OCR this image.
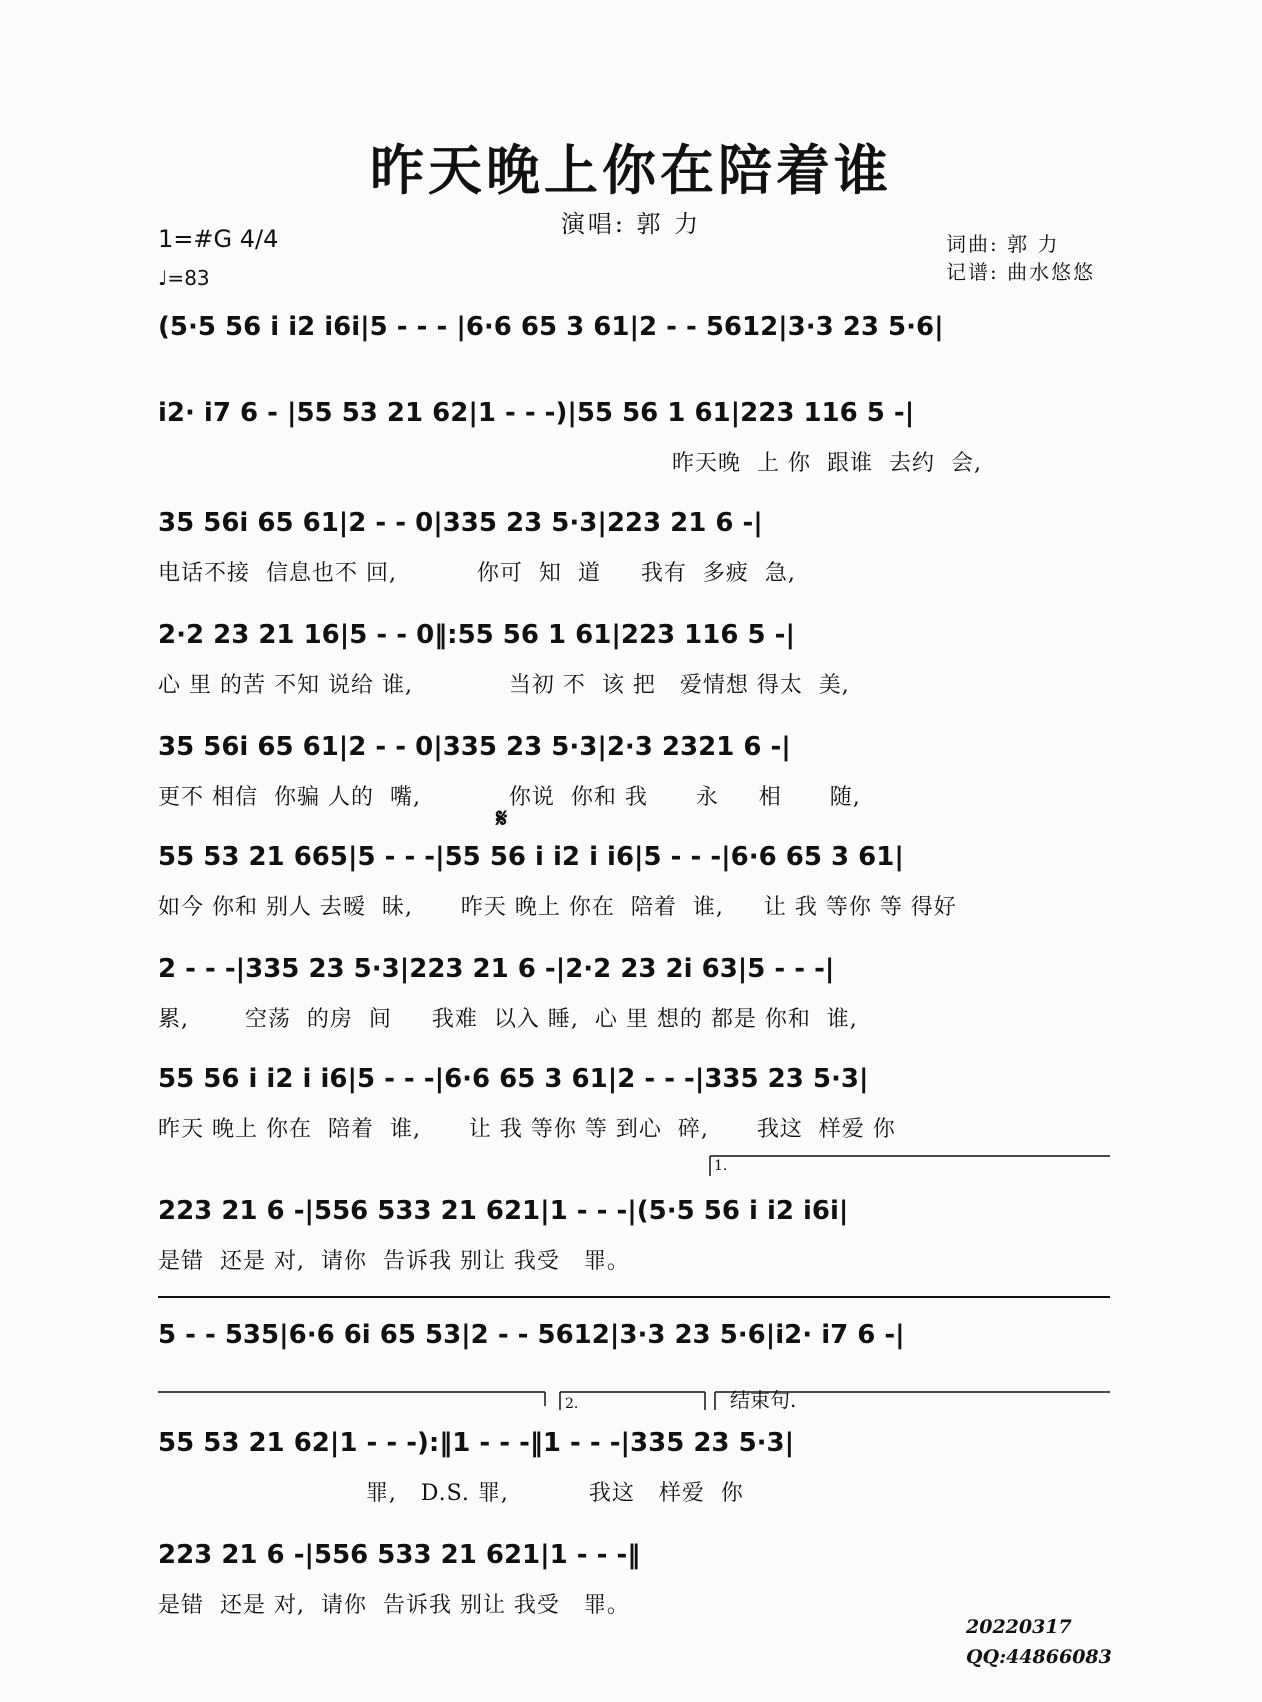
昨天晚上你在陪着谁
演唱: 郭 力
1=#G 4/4
♩=83
词曲: 郭 力
记谱: 曲水悠悠
𝄋
1.
2.	结束句.
(5·5 56 i i2 i6i|5 - - - |6·6 65 3 61|2 - - 5612|3·3 23 5·6|
i2· i7 6 - |55 53 21 62|1 - - -)|55 56 1 61|223 116 5 -|
昨天晚  上 你  跟谁  去约  会,
35 56i 65 61|2 - - 0|335 23 5·3|223 21 6 -|
电话不接  信息也不 回,          你可  知  道     我有  多疲  急,
2·2 23 21 16|5 - - 0‖:55 56 1 61|223 116 5 -|
心 里 的苦 不知 说给 谁,            当初 不  该 把   爱情想 得太  美,
35 56i 65 61|2 - - 0|335 23 5·3|2·3 2321 6 -|
更不 相信  你骗 人的  嘴,           你说  你和 我      永     相      随,
55 53 21 665|5 - - -|55 56 i i2 i i6|5 - - -|6·6 65 3 61|
如今 你和 别人 去暧  昧,      昨天 晚上 你在  陪着  谁,     让 我 等你 等 得好
2 - - -|335 23 5·3|223 21 6 -|2·2 23 2i 63|5 - - -|
累,       空荡  的房  间     我难  以入 睡,  心 里 想的 都是 你和  谁,
55 56 i i2 i i6|5 - - -|6·6 65 3 61|2 - - -|335 23 5·3|
昨天 晚上 你在  陪着  谁,      让 我 等你 等 到心  碎,      我这  样爱 你
223 21 6 -|556 533 21 621|1 - - -|(5·5 56 i i2 i6i|
是错  还是 对,  请你  告诉我 别让 我受   罪。
5 - - 535|6·6 6i 65 53|2 - - 5612|3·3 23 5·6|i2· i7 6 -|
55 53 21 62|1 - - -):‖1 - - -‖1 - - -|335 23 5·3|
罪,   D.S. 罪,          我这   样爱  你
223 21 6 -|556 533 21 621|1 - - -‖
是错  还是 对,  请你  告诉我 别让 我受   罪。
20220317
QQ:44866083
